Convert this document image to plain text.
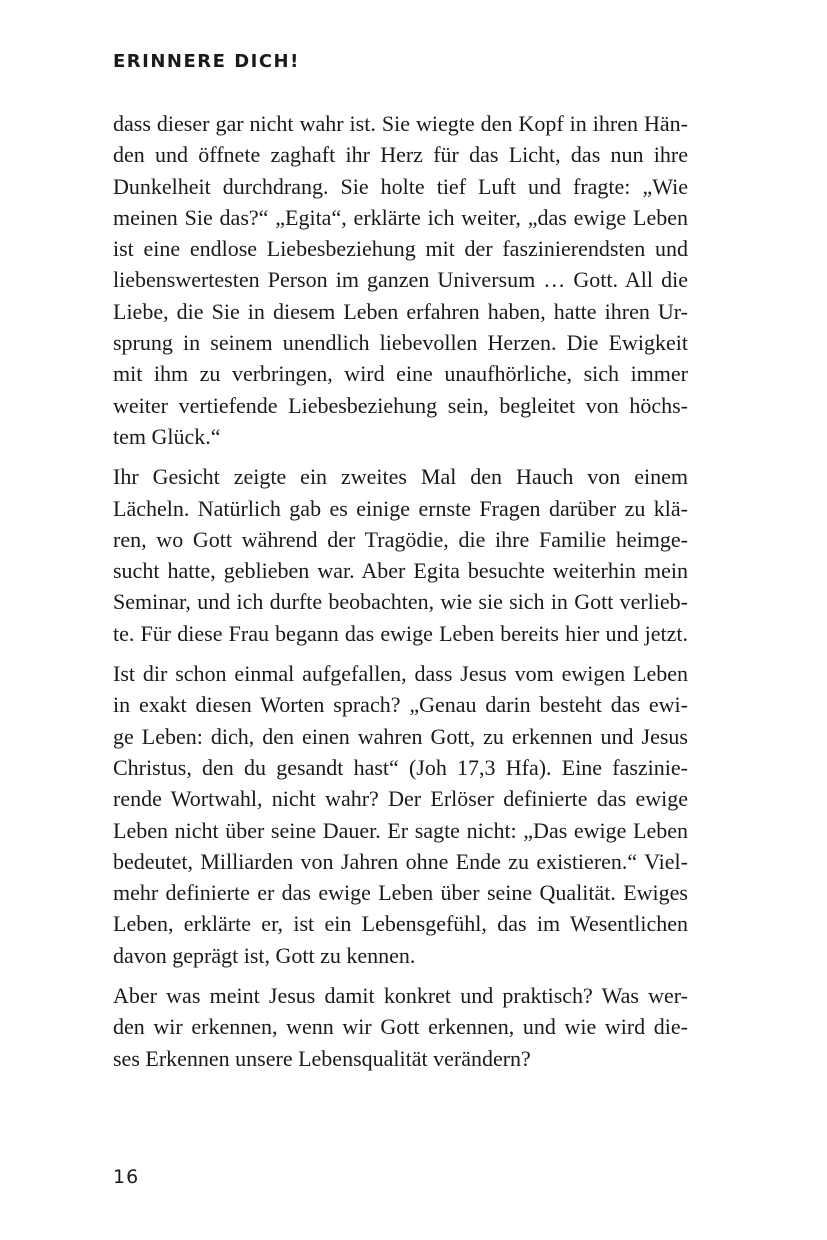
ERINNERE DICH!

dass dieser gar nicht wahr ist. Sie wiegte den Kopf in ihren Hän-
den und öffnete zaghaft ihr Herz für das Licht, das nun ihre
Dunkelheit durchdrang. Sie holte tief Luft und fragte: „Wie
meinen Sie das?“ „Egita“, erklärte ich weiter, „das ewige Leben
ist eine endlose Liebesbeziehung mit der faszinierendsten und
liebenswertesten Person im ganzen Universum … Gott. All die
Liebe, die Sie in diesem Leben erfahren haben, hatte ihren Ur-
sprung in seinem unendlich liebevollen Herzen. Die Ewigkeit
mit ihm zu verbringen, wird eine unaufhörliche, sich immer
weiter vertiefende Liebesbeziehung sein, begleitet von höchs-
tem Glück.“

Ihr Gesicht zeigte ein zweites Mal den Hauch von einem
Lächeln. Natürlich gab es einige ernste Fragen darüber zu klä-
ren, wo Gott während der Tragödie, die ihre Familie heimge-
sucht hatte, geblieben war. Aber Egita besuchte weiterhin mein
Seminar, und ich durfte beobachten, wie sie sich in Gott verlieb-
te. Für diese Frau begann das ewige Leben bereits hier und jetzt.

Ist dir schon einmal aufgefallen, dass Jesus vom ewigen Leben
in exakt diesen Worten sprach? „Genau darin besteht das ewi-
ge Leben: dich, den einen wahren Gott, zu erkennen und Jesus
Christus, den du gesandt hast“ (Joh 17,3 Hfa). Eine faszinie-
rende Wortwahl, nicht wahr? Der Erlöser definierte das ewige
Leben nicht über seine Dauer. Er sagte nicht: „Das ewige Leben
bedeutet, Milliarden von Jahren ohne Ende zu existieren.“ Viel-
mehr definierte er das ewige Leben über seine Qualität. Ewiges
Leben, erklärte er, ist ein Lebensgefühl, das im Wesentlichen
davon geprägt ist, Gott zu kennen.

Aber was meint Jesus damit konkret und praktisch? Was wer-
den wir erkennen, wenn wir Gott erkennen, und wie wird die-
ses Erkennen unsere Lebensqualität verändern?

16
